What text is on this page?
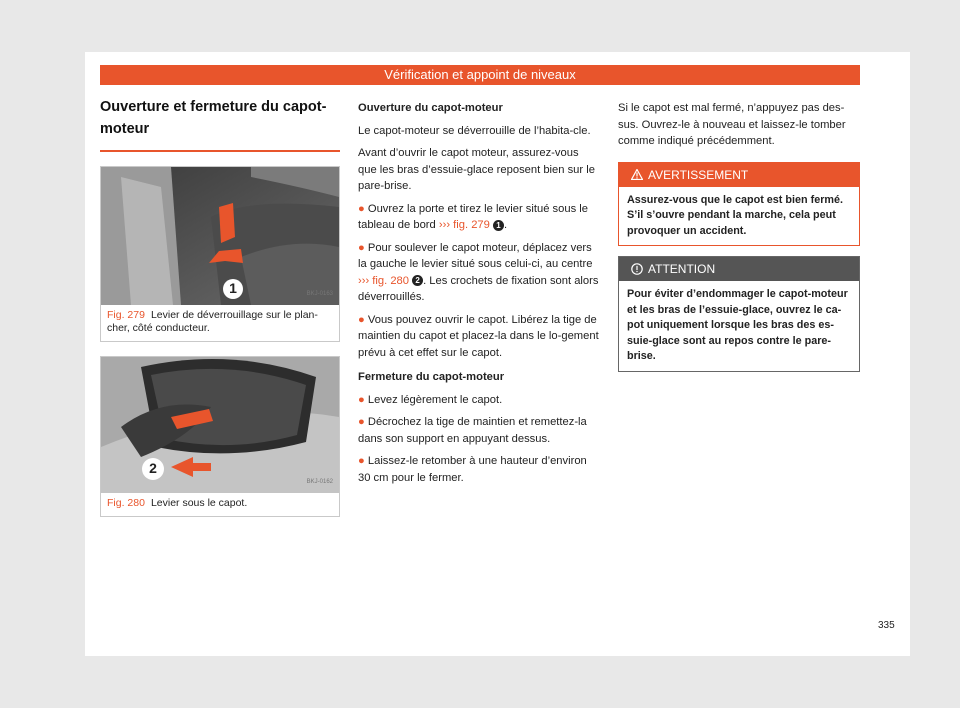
Vérification et appoint de niveaux
Ouverture et fermeture du capot-moteur
1	BKJ-0163
Fig. 279 Levier de déverrouillage sur le plan-cher, côté conducteur.
2
BKJ-0162
Fig. 280 Levier sous le capot.

Ouverture du capot-moteur

Le capot-moteur se déverrouille de l’habita-cle.

Avant d’ouvrir le capot moteur, assurez-vous que les bras d’essuie-glace reposent bien sur le pare-brise.

● Ouvrez la porte et tirez le levier situé sous le tableau de bord ››› fig. 279 1 .

● Pour soulever le capot moteur, déplacez vers la gauche le levier situé sous celui-ci, au centre ››› fig. 280 2 . Les crochets de fixation sont alors déverrouillés.

● Vous pouvez ouvrir le capot. Libérez la tige de maintien du capot et placez-la dans le lo-gement prévu à cet effet sur le capot.

Fermeture du capot-moteur

● Levez légèrement le capot.

● Décrochez la tige de maintien et remettez-la dans son support en appuyant dessus.

● Laissez-le retomber à une hauteur d’environ 30 cm pour le fermer.

Si le capot est mal fermé, n’appuyez pas des-sus. Ouvrez-le à nouveau et laissez-le tomber comme indiqué précédemment.

AVERTISSEMENT
Assurez-vous que le capot est bien fermé. S’il s’ouvre pendant la marche, cela peut provoquer un accident.
ATTENTION
Pour éviter d’endommager le capot-moteur et les bras de l’essuie-glace, ouvrez le ca-pot uniquement lorsque les bras des es-suie-glace sont au repos contre le pare-brise.
335
